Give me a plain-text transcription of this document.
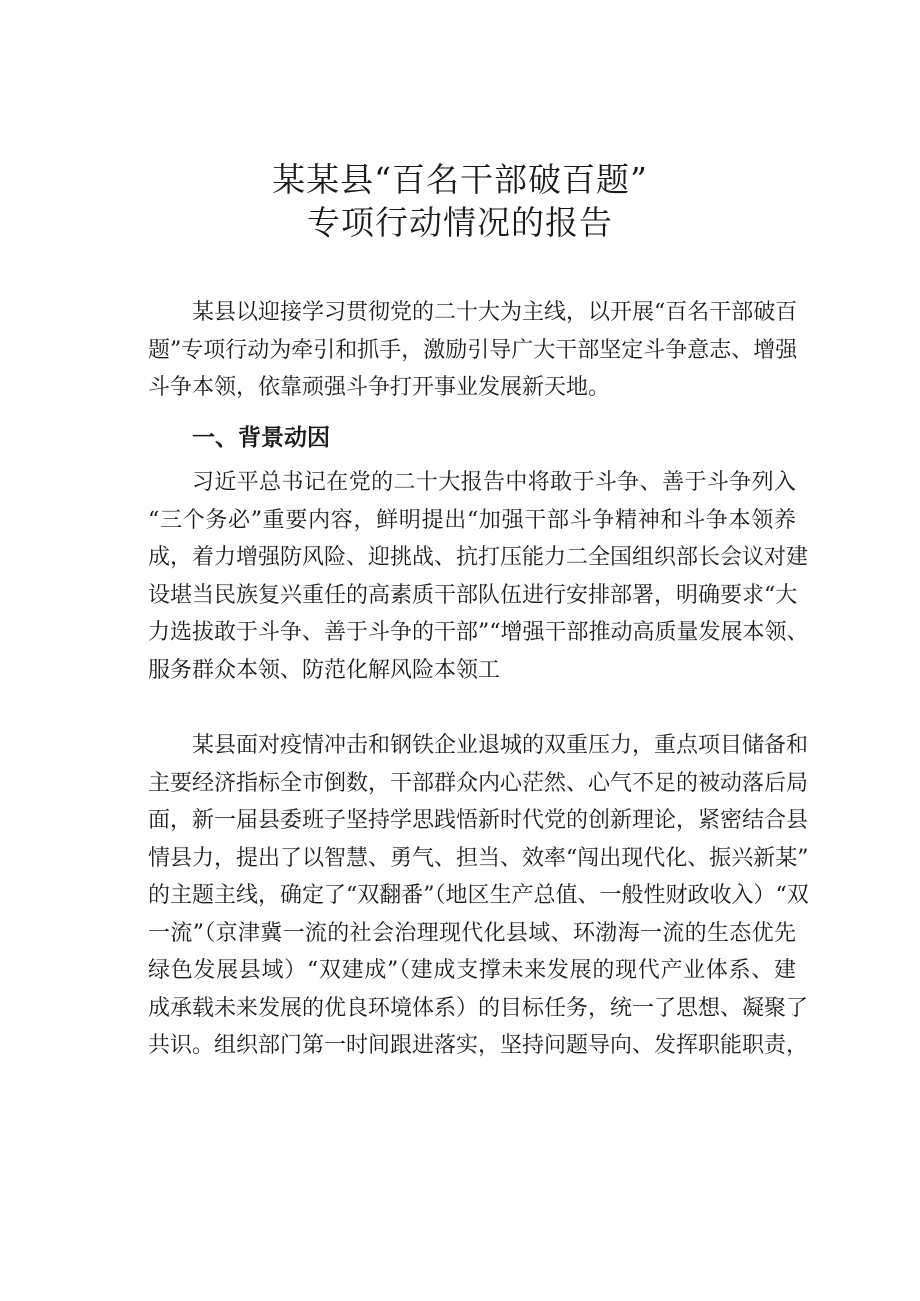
某某县“百名干部破百题”
专项行动情况的报告
某县以迎接学习贯彻党的二十大为主线，以开展“百名干部破百
题”专项行动为牵引和抓手，激励引导广大干部坚定斗争意志、增强
斗争本领，依靠顽强斗争打开事业发展新天地。
一、背景动因
习近平总书记在党的二十大报告中将敢于斗争、善于斗争列入
“三个务必”重要内容，鲜明提出“加强干部斗争精神和斗争本领养
成，着力增强防风险、迎挑战、抗打压能力二全国组织部长会议对建
设堪当民族复兴重任的高素质干部队伍进行安排部署，明确要求“大
力选拔敢于斗争、善于斗争的干部”“增强干部推动高质量发展本领、
服务群众本领、防范化解风险本领工
某县面对疫情冲击和钢铁企业退城的双重压力，重点项目储备和
主要经济指标全市倒数，干部群众内心茫然、心气不足的被动落后局
面，新一届县委班子坚持学思践悟新时代党的创新理论，紧密结合县
情县力，提出了以智慧、勇气、担当、效率“闯出现代化、振兴新某”
的主题主线，确定了“双翻番”（地区生产总值、一般性财政收入）“双
一流”（京津冀一流的社会治理现代化县域、环渤海一流的生态优先
绿色发展县域）“双建成”（建成支撑未来发展的现代产业体系、建
成承载未来发展的优良环境体系）的目标任务，统一了思想、凝聚了
共识。组织部门第一时间跟进落实，坚持问题导向、发挥职能职责，
